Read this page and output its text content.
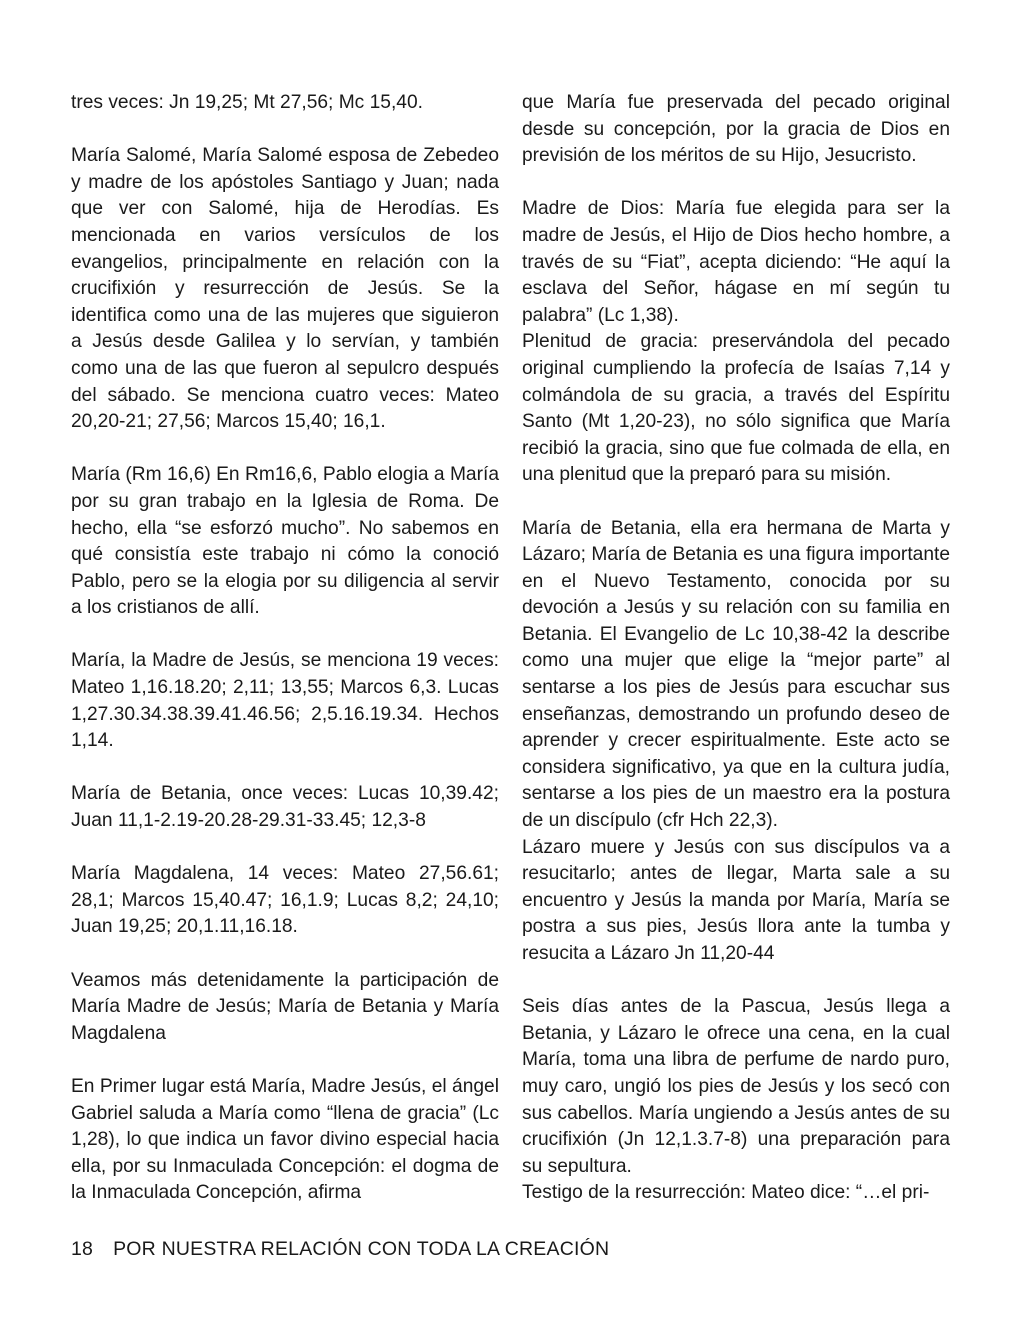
tres veces: Jn 19,25; Mt 27,56; Mc 15,40.

María Salomé, María Salomé esposa de Zebedeo y madre de los apóstoles Santiago y Juan; nada que ver con Salomé, hija de Herodías. Es mencionada en varios versículos de los evangelios, principalmente en relación con la crucifixión y resurrección de Jesús. Se la identifica como una de las mujeres que siguieron a Jesús desde Galilea y lo servían, y también como una de las que fueron al sepulcro después del sábado. Se menciona cuatro veces: Mateo 20,20-21; 27,56; Marcos 15,40; 16,1.

María (Rm 16,6) En Rm16,6, Pablo elogia a María por su gran trabajo en la Iglesia de Roma. De hecho, ella “se esforzó mucho”. No sabemos en qué consistía este trabajo ni cómo la conoció Pablo, pero se la elogia por su diligencia al servir a los cristianos de allí.

María, la Madre de Jesús, se menciona 19 veces: Mateo 1,16.18.20; 2,11; 13,55; Marcos 6,3. Lucas 1,27.30.34.38.39.41.46.56; 2,5.16.19.34. Hechos 1,14.

María de Betania, once veces: Lucas 10,39.42; Juan 11,1-2.19-20.28-29.31-33.45; 12,3-8

María Magdalena, 14 veces: Mateo 27,56.61; 28,1; Marcos 15,40.47; 16,1.9; Lucas 8,2; 24,10; Juan 19,25; 20,1.11,16.18.

Veamos más detenidamente la participación de María Madre de Jesús; María de Betania y María Magdalena

En Primer lugar está María, Madre Jesús, el ángel Gabriel saluda a María como “llena de gracia” (Lc 1,28), lo que indica un favor divino especial hacia ella, por su Inmaculada Concepción: el dogma de la Inmaculada Concepción, afirma

que María fue preservada del pecado original desde su concepción, por la gracia de Dios en previsión de los méritos de su Hijo, Jesucristo.

Madre de Dios: María fue elegida para ser la madre de Jesús, el Hijo de Dios hecho hombre, a través de su “Fiat”, acepta diciendo: “He aquí la esclava del Señor, hágase en mí según tu palabra” (Lc 1,38).

Plenitud de gracia: preservándola del pecado original cumpliendo la profecía de Isaías 7,14 y colmándola de su gracia, a través del Espíritu Santo (Mt 1,20-23), no sólo significa que María recibió la gracia, sino que fue colmada de ella, en una plenitud que la preparó para su misión.

María de Betania, ella era hermana de Marta y Lázaro; María de Betania es una figura importante en el Nuevo Testamento, conocida por su devoción a Jesús y su relación con su familia en Betania. El Evangelio de Lc 10,38-42 la describe como una mujer que elige la “mejor parte” al sentarse a los pies de Jesús para escuchar sus enseñanzas, demostrando un profundo deseo de aprender y crecer espiritualmente. Este acto se considera significativo, ya que en la cultura judía, sentarse a los pies de un maestro era la postura de un discípulo (cfr Hch 22,3).

Lázaro muere y Jesús con sus discípulos va a resucitarlo; antes de llegar, Marta sale a su encuentro y Jesús la manda por María, María se postra a sus pies, Jesús llora ante la tumba y resucita a Lázaro Jn 11,20-44

Seis días antes de la Pascua, Jesús llega a Betania, y Lázaro le ofrece una cena, en la cual María, toma una libra de perfume de nardo puro, muy caro, ungió los pies de Jesús y los secó con sus cabellos. María ungiendo a Jesús antes de su crucifixión (Jn 12,1.3.7-8) una preparación para su sepultura.

Testigo de la resurrección: Mateo dice: “…el pri-

18 POR NUESTRA RELACIÓN CON TODA LA CREACIÓN
